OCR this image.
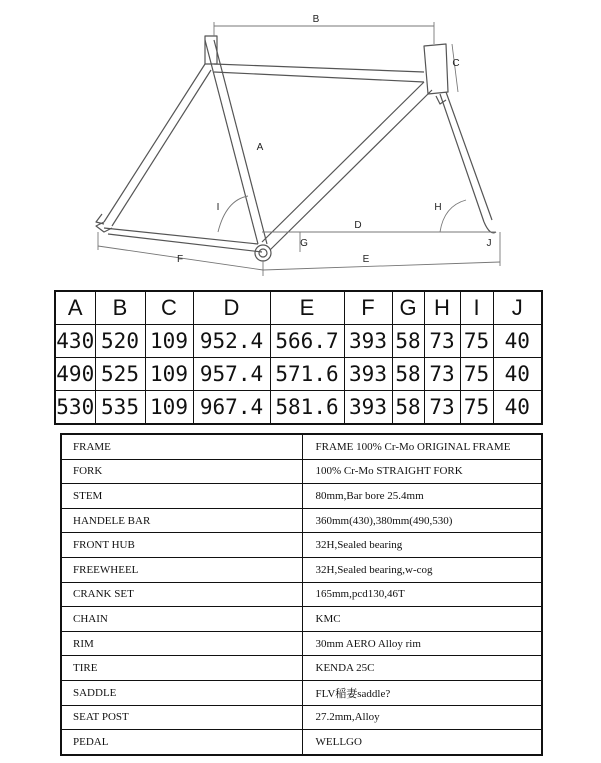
B
A
C
I	H
D
G	J
F	E
A	B	C	D	E	F	G	H	I	J
430	520	109	952.4	566.7	393	58	73	75	40
490	525	109	957.4	571.6	393	58	73	75	40
530	535	109	967.4	581.6	393	58	73	75	40
FRAME	FRAME 100% Cr-Mo ORIGINAL FRAME
FORK	100% Cr-Mo STRAIGHT FORK
STEM	80mm,Bar bore 25.4mm
HANDELE BAR	360mm(430),380mm(490,530)
FRONT HUB	32H,Sealed bearing
FREEWHEEL	32H,Sealed bearing,w-cog
CRANK SET	165mm,pcd130,46T
CHAIN	KMC
RIM	30mm AERO Alloy rim
TIRE	KENDA 25C
SADDLE	FLV稲妻saddle?
SEAT POST	27.2mm,Alloy
PEDAL	WELLGO
